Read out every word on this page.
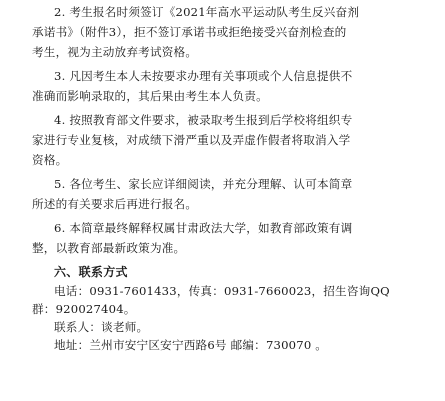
2. 考生报名时须签订《2021年高水平运动队考生反兴奋剂
承诺书》（附件3），拒不签订承诺书或拒绝接受兴奋剂检查的
考生，视为主动放弃考试资格。
3. 凡因考生本人未按要求办理有关事项或个人信息提供不
准确而影响录取的，其后果由考生本人负责。
4. 按照教育部文件要求，被录取考生报到后学校将组织专
家进行专业复核，对成绩下滑严重以及弄虚作假者将取消入学
资格。
5. 各位考生、家长应详细阅读，并充分理解、认可本简章
所述的有关要求后再进行报名。
6. 本简章最终解释权属甘肃政法大学，如教育部政策有调
整，以教育部最新政策为准。
六、联系方式
电话：0931-7601433，传真：0931-7660023，招生咨询QQ
群：920027404。
联系人：谈老师。
地址：兰州市安宁区安宁西路6号 邮编：730070 。
